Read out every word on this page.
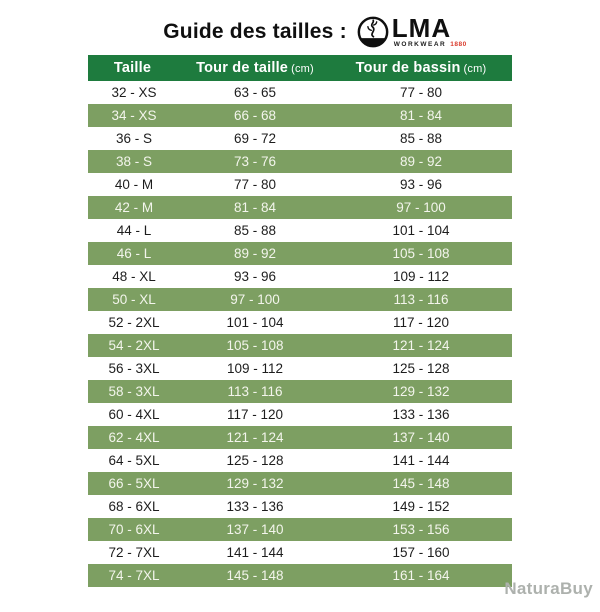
Guide des tailles : LMA
WORKWEAR 1880
Taille	Tour de taille (cm)	Tour de bassin (cm)
32 - XS	63 - 65	77 - 80
34 - XS	66 - 68	81 - 84
36 - S	69 - 72	85 - 88
38 - S	73 - 76	89 - 92
40 - M	77 - 80	93 - 96
42 - M	81 - 84	97 - 100
44 - L	85 - 88	101 - 104
46 - L	89 - 92	105 - 108
48 - XL	93 - 96	109 - 112
50 - XL	97 - 100	113 - 116
52 - 2XL	101 - 104	117 - 120
54 - 2XL	105 - 108	121 - 124
56 - 3XL	109 - 112	125 - 128
58 - 3XL	113 - 116	129 - 132
60 - 4XL	117 - 120	133 - 136
62 - 4XL	121 - 124	137 - 140
64 - 5XL	125 - 128	141 - 144
66 - 5XL	129 - 132	145 - 148
68 - 6XL	133 - 136	149 - 152
70 - 6XL	137 - 140	153 - 156
72 - 7XL	141 - 144	157 - 160
74 - 7XL	145 - 148	161 - 164
NaturaBuy
